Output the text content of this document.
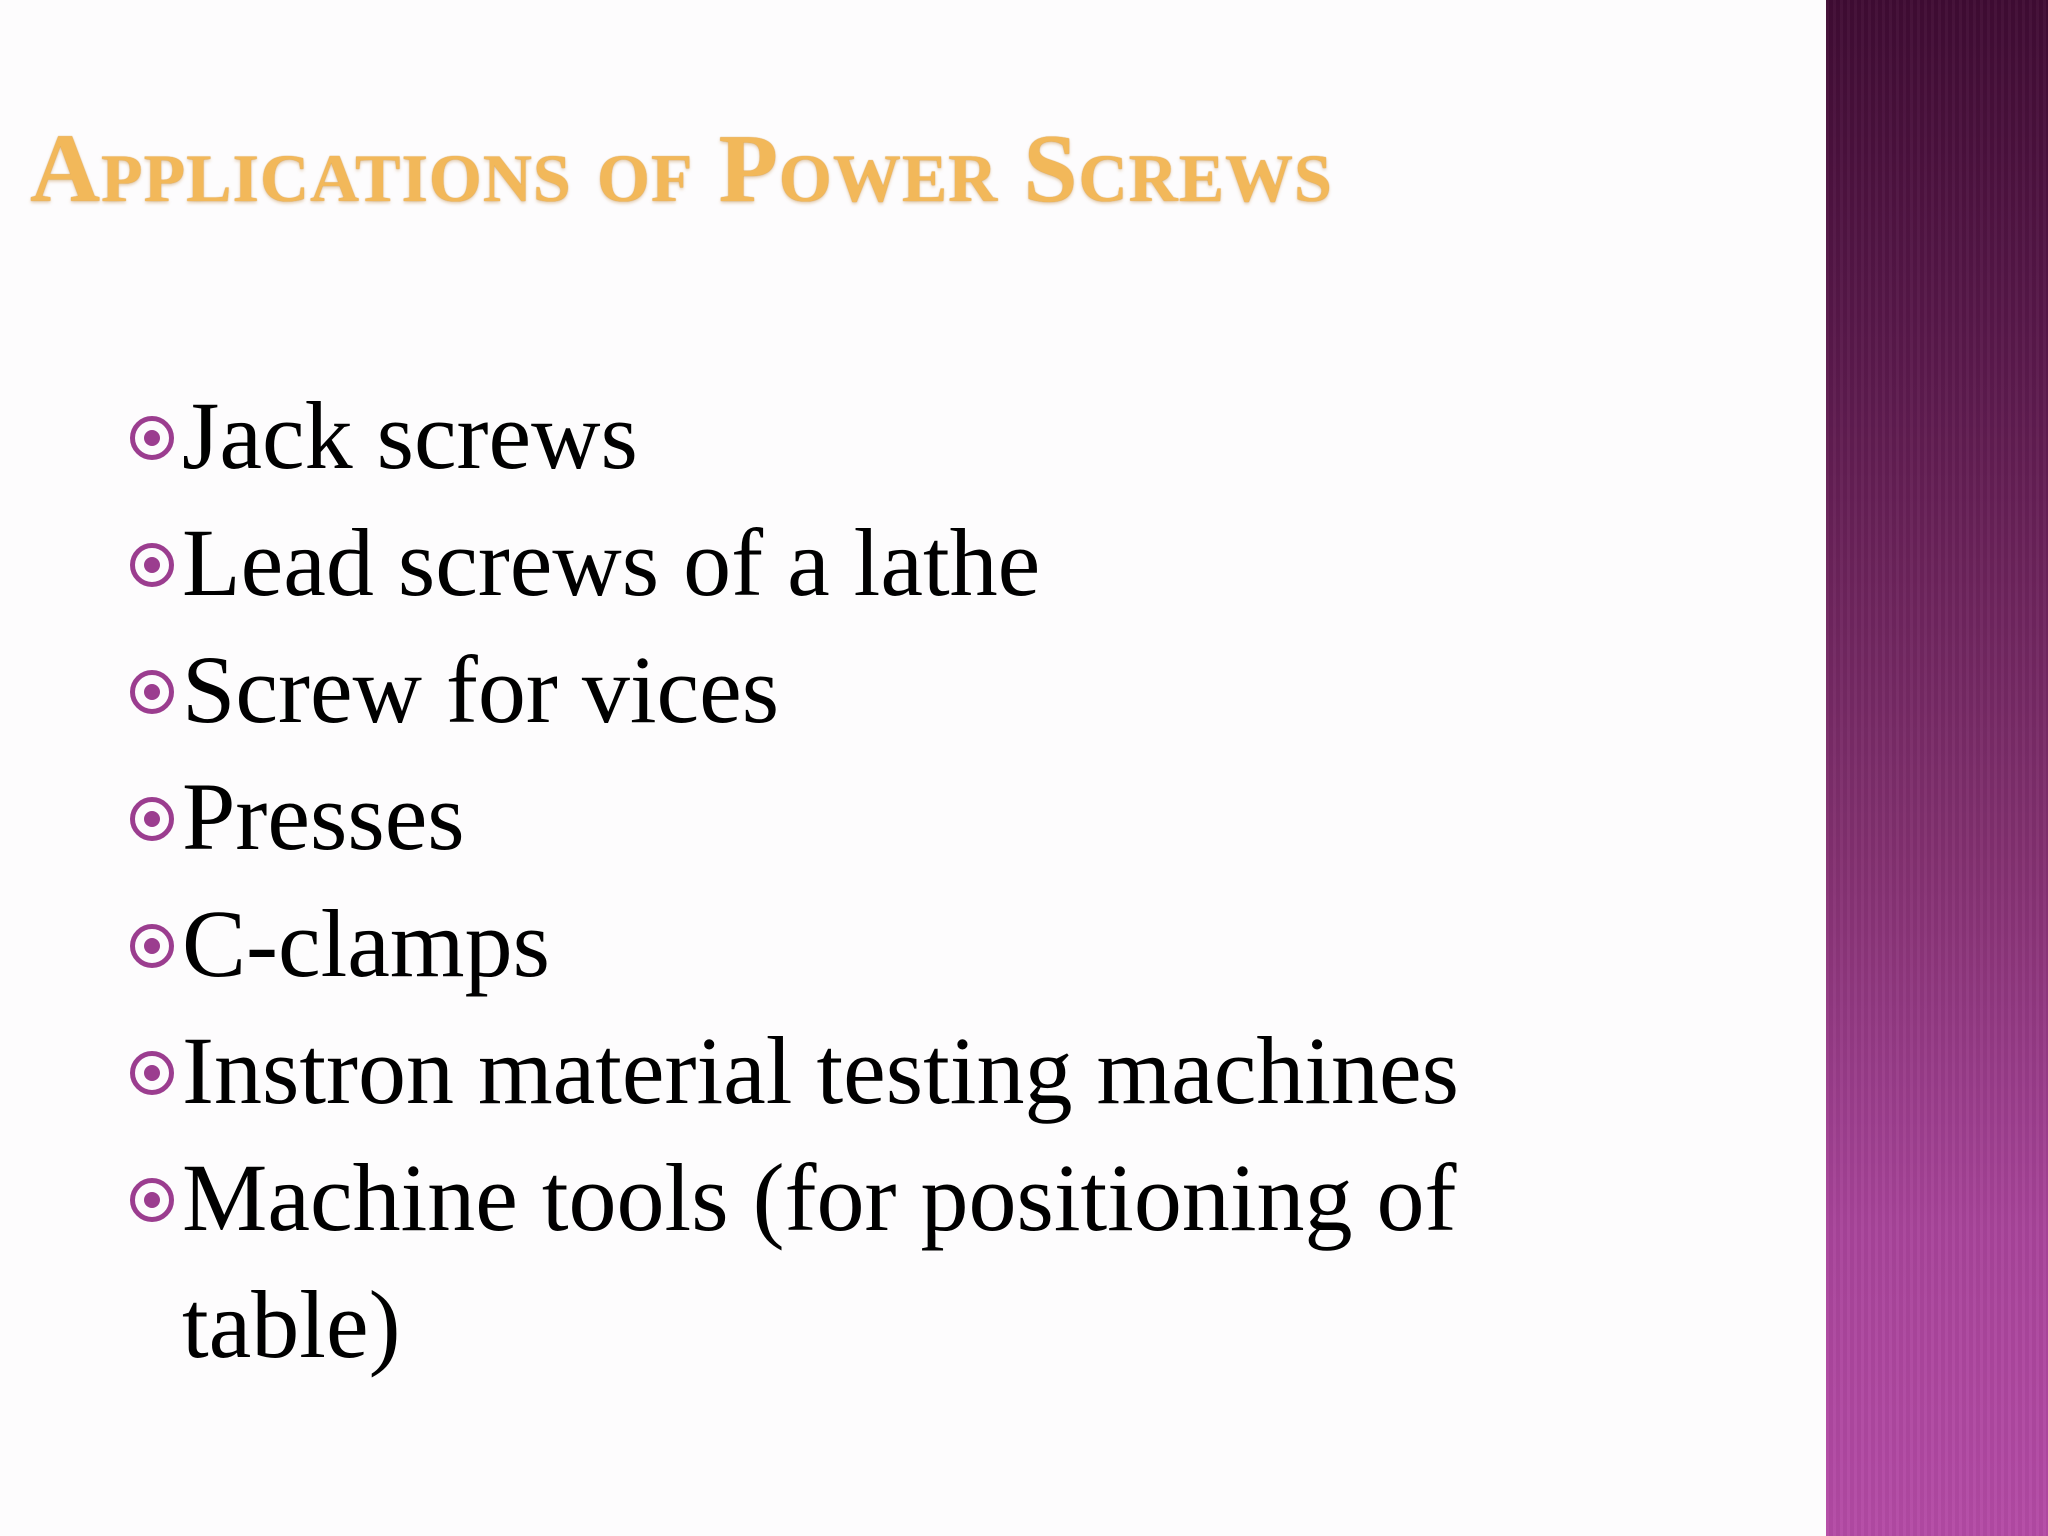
Applications of Power Screws
Jack screws
Lead screws of a lathe
Screw for vices
Presses
C-clamps
Instron material testing machines
Machine tools (for positioning of table)
